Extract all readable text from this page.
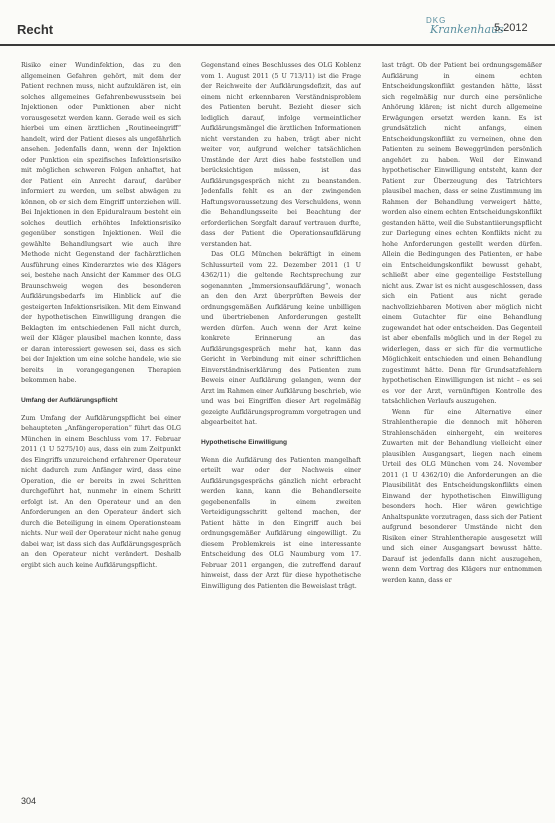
Recht
DKG
Krankenhaus
5.2012

Risiko einer Wundinfektion, das zu den allgemeinen Gefahren gehört, mit dem der Patient rechnen muss, nicht aufzuklären ist, ein solches allgemeines Gefahrenbewusstsein bei Injektionen oder Punktionen aber nicht vorausgesetzt werden kann. Gerade weil es sich hierbei um einen ärztlichen „Routineeingriff“ handelt, wird der Patient dieses als ungefährlich ansehen. Jedenfalls dann, wenn der Injektion oder Punktion ein spezifisches Infektionsrisiko mit möglichen schweren Folgen anhaftet, hat der Patient ein Anrecht darauf, darüber informiert zu werden, um selbst abwägen zu können, ob er sich dem Eingriff unterziehen will. Bei Injektionen in den Epiduralraum besteht ein solches deutlich erhöhtes Infektionsrisiko gegenüber sonstigen Injektionen. Weil die gewählte Behandlungsart wie auch ihre Methode nicht Gegenstand der fachärztlichen Ausführung eines Kinderarztes wie des Klägers sei, bestehe nach Ansicht der Kammer des OLG Braunschweig wegen des besonderen Aufklärungsbedarfs im Hinblick auf die gesteigerten Infektionsrisiken. Mit dem Einwand der hypothetischen Einwilligung drangen die Beklagten im entschiedenen Fall nicht durch, weil der Kläger plausibel machen konnte, dass er daran interessiert gewesen sei, dass es sich bei der Injektion um eine solche handele, wie sie bereits in vorangegangenen Therapien bekommen habe.

Umfang der Aufklärungspflicht

Zum Umfang der Aufklärungspflicht bei einer behaupteten „Anfängeroperation“ führt das OLG München in einem Beschluss vom 17. Februar 2011 (1 U 5275/10) aus, dass ein zum Zeitpunkt des Eingriffs unzureichend erfahrener Operateur nicht dadurch zum Anfänger wird, dass eine Operation, die er bereits in zwei Schritten durchgeführt hat, nunmehr in einem Schritt erfolgt ist. An den Operateur und an den Anforderungen an den Operateur ändert sich durch die Beteiligung in einem Operationsteam nichts. Nur weil der Operateur nicht nahe genug dabei war, ist dass sich das Aufklärungsgespräch an den Operateur nicht verändert. Deshalb ergibt sich auch keine Aufklärungspflicht.

Gegenstand eines Beschlusses des OLG Koblenz vom 1. August 2011 (5 U 713/11) ist die Frage der Reichweite der Aufklärungsdefizit, das auf einem nicht erkennbaren Verständnisproblem des Patienten beruht. Bezieht dieser sich lediglich darauf, infolge vermeintlicher Aufklärungsmängel die ärztlichen Informationen nicht verstanden zu haben, trägt aber nicht weiter vor, aufgrund welcher tatsächlichen Umstände der Arzt dies habe feststellen und berücksichtigen müssen, ist das Aufklärungsgespräch nicht zu beanstanden. Jedenfalls fehlt es an der zwingenden Haftungsvoraussetzung des Verschuldens, wenn die Behandlungsseite bei Beachtung der erforderlichen Sorgfalt darauf vertrauen durfte, dass der Patient die Operationsaufklärung verstanden hat.

Das OLG München bekräftigt in einem Schlussurteil vom 22. Dezember 2011 (1 U 4362/11) die geltende Rechtsprechung zur sogenannten „Immersionsaufklärung“, wonach an den den Arzt überprüften Beweis der ordnungsgemäßen Aufklärung keine unbilligen und übertriebenen Anforderungen gestellt werden dürfen. Auch wenn der Arzt keine konkrete Erinnerung an das Aufklärungsgespräch mehr hat, kann das Gericht in Verbindung mit einer schriftlichen Einverständniserklärung des Patienten zum Beweis einer Aufklärung gelangen, wenn der Arzt im Rahmen einer Aufklärung beschrieb, wie und was bei Eingriffen dieser Art regelmäßig gezeigte Aufklärungsprogramm vorgetragen und abgearbeitet hat.

Hypothetische Einwilligung

Wenn die Aufklärung des Patienten mangelhaft erteilt war oder der Nachweis einer Aufklärungsgesprächs gänzlich nicht erbracht werden kann, kann die Behandlerseite gegebenenfalls in einem zweiten Verteidigungsschritt geltend machen, der Patient hätte in den Eingriff auch bei ordnungsgemäßer Aufklärung eingewilligt. Zu diesem Problemkreis ist eine interessante Entscheidung des OLG Naumburg vom 17. Februar 2011 ergangen, die zutreffend darauf hinweist, dass der Arzt für diese hypothetische Einwilligung des Patienten die Beweislast trägt.

last trägt. Ob der Patient bei ordnungsgemäßer Aufklärung in einem echten Entscheidungskonflikt gestanden hätte, lässt sich regelmäßig nur durch eine persönliche Anhörung klären; ist nicht durch allgemeine Erwägungen ersetzt werden kann. Es ist grundsätzlich nicht anfangs, einen Entscheidungskonflikt zu verneinen, ohne den Patienten zu seinem Beweggründen persönlich angehört zu haben. Weil der Einwand hypothetischer Einwilligung entsteht, kann der Patient zur Überzeugung des Tatrichters plausibel machen, dass er seine Zustimmung im Rahmen der Behandlung verweigert hätte, worden also einem echten Entscheidungskonflikt gestanden hätte, weil die Substantiierungspflicht zur Darlegung eines echten Konflikts nicht zu hohe Anforderungen gestellt werden dürfen. Allein die Bedingungen des Patienten, er habe ein Entscheidungskonflikt bewusst gehabt, schließt aber eine gegenteilige Feststellung nicht aus. Zwar ist es nicht ausgeschlossen, dass sich ein Patient aus nicht gerade nachvollziehbaren Motiven aber möglich nicht einem Gutachter für eine Behandlung zugewandet hat oder entscheiden. Das Gegenteil ist aber ebenfalls möglich und in der Regel zu widerlegen, dass er sich für die vermutliche Möglichkeit entschieden und einen Behandlung zugestimmt hätte. Denn für Grundsatzfehlern hypothetischen Einwilligungen ist nicht – es sei es vor der Arzt, vernünftigen Kontrolle des tatsächlichen Verlaufs auszugehen.

Wenn für eine Alternative einer Strahlentherapie die dennoch mit höheren Strahlenschäden einhergeht, ein weiteres Zuwarten mit der Behandlung vielleicht einer plausiblen Ausgangsart, liegen nach einem Urteil des OLG München vom 24. November 2011 (1 U 4362/10) die Anforderungen an die Plausibilität des Entscheidungskonflikts einen Einwand der hypothetischen Einwilligung besonders hoch. Hier wären gewichtige Anhaltspunkte vorzutragen, dass sich der Patient aufgrund besonderer Umstände nicht den Risiken einer Strahlentherapie ausgesetzt will und sich einer Ausgangsart bewusst hätte. Darauf ist jedenfalls dann nicht auszugehen, wenn dem Vortrag des Klägers nur entnommen werden kann, dass er

304
